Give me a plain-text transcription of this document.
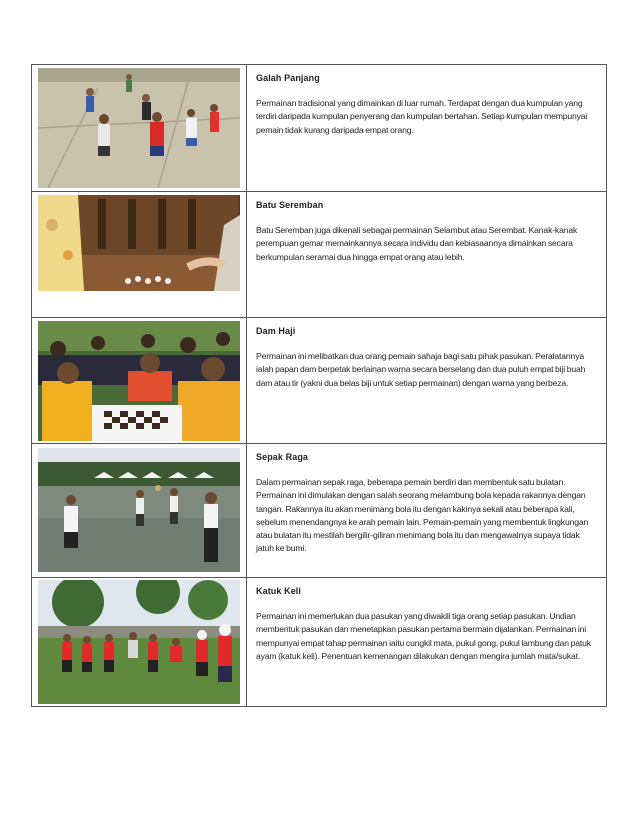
Galah Panjang
Permainan tradisional yang dimainkan di luar rumah. Terdapat dengan dua kumpulan yang terdiri daripada kumpulan penyerang dan kumpulan bertahan. Setiap kumpulan mempunyai pemain tidak kurang daripada empat orang.

Batu Seremban
Batu Seremban juga dikenali sebagai permainan Selambut atau Serembat. Kanak-kanak perempuan gemar memainkannya secara individu dan kebiasaannya dimainkan secara berkumpulan seramai dua hingga empat orang atau lebih.

Dam Haji
Permainan ini melibatkan dua orang pemain sahaja bagi satu pihak pasukan. Peralatannya ialah papan dam berpetak berlainan warna secara berselang dan dua puluh empat biji buah dam atau tir (yakni dua belas biji untuk setiap permainan) dengan warna yang berbeza.

Sepak Raga
Dalam permainan sepak raga, beberapa pemain berdiri dan membentuk satu bulatan. Permainan ini dimulakan dengan salah seorang melambung bola kepada rakannya dengan tangan. Rakannya itu akan menimang bola itu dengan kakinya sekali atau beberapa kali, sebelum menendangnya ke arah pemain lain. Pemain-pemain yang membentuk lingkungan atau bulatan itu mestilah bergilir-giliran menimang bola itu dan mengawalnya supaya tidak jatuh ke bumi.

Katuk Keli
Permainan ini memerlukan dua pasukan yang diwakili tiga orang setiap pasukan. Undian membentuk pasukan dan menetapkan pasukan pertama bermain dijalankan. Permainan ini mempunyai empat tahap permainan iaitu cungkil mata, pukul gong, pukul lambung dan patuk ayam (katuk keli). Penentuan kemenangan dilakukan dengan mengira jumlah mata/sukat.
